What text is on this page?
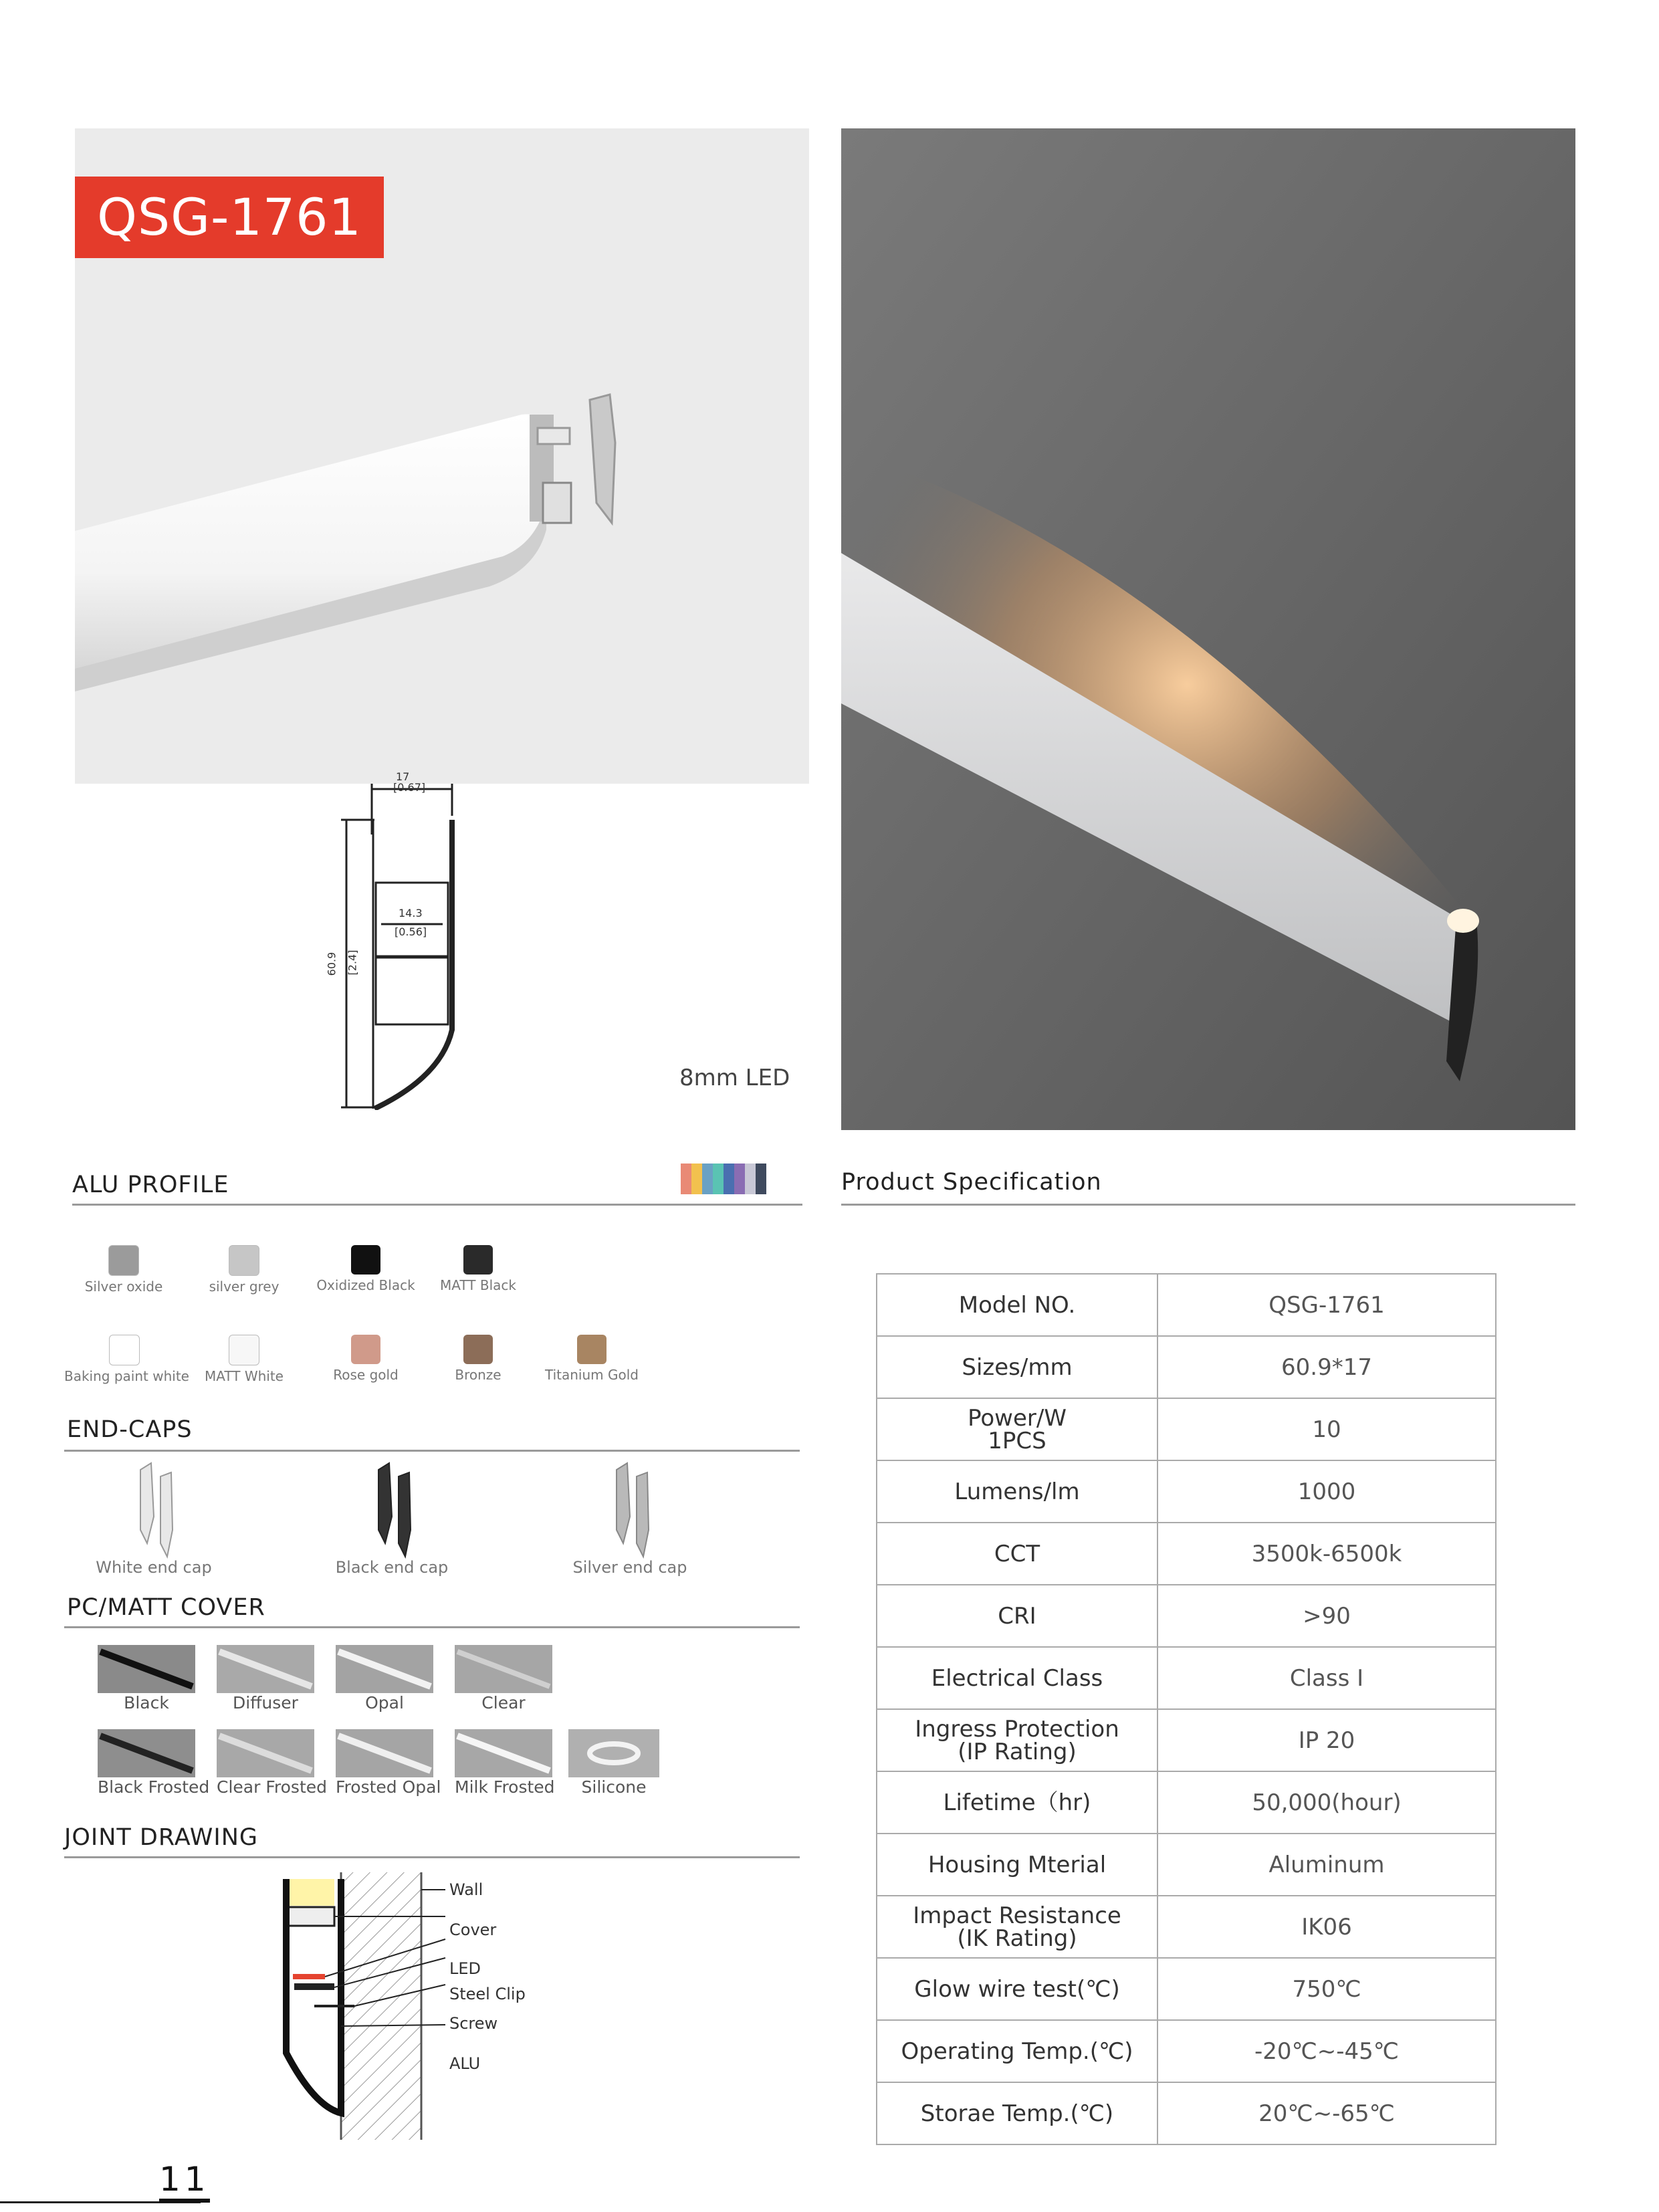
QSG-1761
17
[0.67]
14.3
[0.56]
60.9 [2.4]
8mm LED
ALU PROFILE
Silver oxide	silver grey	Oxidized Black	MATT Black
Baking paint white	MATT White	Rose gold	Bronze	Titanium Gold
END-CAPS
White end cap	Black end cap	Silver end cap
PC/MATT COVER
Black	Diffuser	Opal	Clear
Black Frosted Clear Frosted Frosted Opal Milk Frosted	Silicone
JOINT DRAWING
Wall
Cover
LED
Steel Clip
Screw
ALU
Product Specification
Model NO.	QSG-1761
Sizes/mm	60.9*17
Power/W
1PCS	10
Lumens/lm	1000
CCT	3500k-6500k
CRI	>90
Electrical Class	Class I
Ingress Protection
(IP Rating)	IP 20
Lifetime（hr)	50,000(hour)
Housing Mterial	Aluminum
Impact Resistance
(IK Rating)	IK06
Glow wire test(℃)	750℃
Operating Temp.(℃)	-20℃~-45℃
Storae Temp.(℃)	20℃~-65℃
11
